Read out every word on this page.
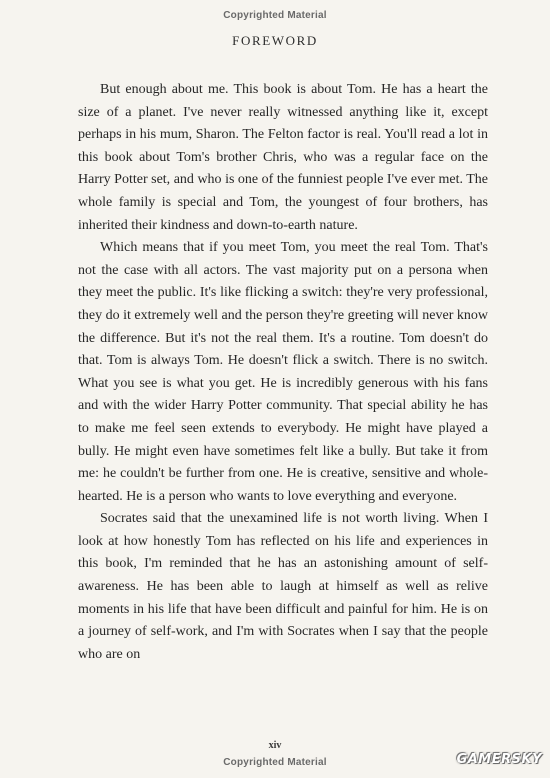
Copyrighted Material
FOREWORD

But enough about me. This book is about Tom. He has a heart the size of a planet. I've never really witnessed anything like it, except perhaps in his mum, Sharon. The Felton factor is real. You'll read a lot in this book about Tom's brother Chris, who was a regular face on the Harry Potter set, and who is one of the funniest people I've ever met. The whole family is special and Tom, the youngest of four brothers, has inherited their kindness and down-to-earth nature.

Which means that if you meet Tom, you meet the real Tom. That's not the case with all actors. The vast majority put on a persona when they meet the public. It's like flicking a switch: they're very professional, they do it extremely well and the person they're greeting will never know the difference. But it's not the real them. It's a routine. Tom doesn't do that. Tom is always Tom. He doesn't flick a switch. There is no switch. What you see is what you get. He is incredibly generous with his fans and with the wider Harry Potter community. That special ability he has to make me feel seen extends to everybody. He might have played a bully. He might even have sometimes felt like a bully. But take it from me: he couldn't be further from one. He is creative, sensitive and whole-hearted. He is a person who wants to love everything and everyone.

Socrates said that the unexamined life is not worth living. When I look at how honestly Tom has reflected on his life and experiences in this book, I'm reminded that he has an astonishing amount of self-awareness. He has been able to laugh at himself as well as relive moments in his life that have been difficult and painful for him. He is on a journey of self-work, and I'm with Socrates when I say that the people who are on

xiv
Copyrighted Material	GAMERSKY
